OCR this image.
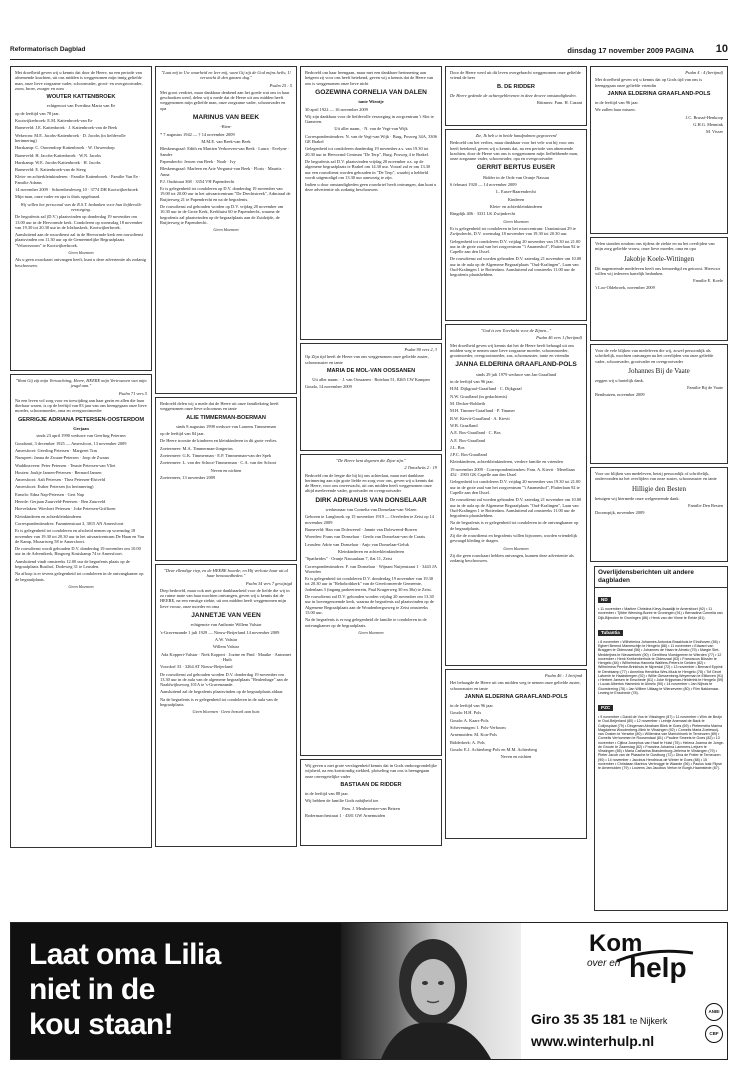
Reformatorisch Dagblad	dinsdag 17 november 2009 PAGINA 10

Met droefheid geven wij u kennis dat door de Heere, na een periode van afnemende krachten, uit ons midden is weggenomen mijn innig geliefde man, onze lieve zorgzame vader, schoonvader, groot- en overgrootvader, zoon, broer, zwager en oom

WOUTER KATTENBROEK

echtgenoot van Everdina Maria van Ee

op de leeftijd van 78 jaar.

Kootwijkerbroek: E.M. Kattenbroek-van Ee

Barneveld: J.E. Kattenbroek · J. Kattenbroek-van de Beek

Wekerom: M.E. Jacobs-Kattenbroek · D. Jacobs (in liefdevolle herinnering)

Harskamp: C. Ouwendorp-Kattenbroek · W. Ouwendorp

Barneveld: H. Jacobs-Kattenbroek · W.N. Jacobs

Harskamp: W.E. Jacobs-Kattenbroek · H. Jacobs

Barneveld: E. Kattenbroek-van de Steeg

Klein- en achterkleinkinderen · Familie Kattenbroek · Familie Van Ee · Familie Adams

14 november 2009 · Schoenbeuleweg 10 · 3774 DH Kootwijkerbroek

Mijn man, onze vader en opa is thuis opgebaard.

Wij willen het persoonal van de R.S.T. bedanken voor hun liefdevolle verzorging.

De begrafenis zal (D.V.) plaatsvinden op donderdag 19 november om 13.00 uur in de Hervormde kerk. Condoleren op woensdag 18 november van 19.30 tot 20.30 uur in de Ichthuskerk, Kootwijkerbroek.

Aansluitend aan de rouwdienst zal in de Hervormde kerk een rouwdienst plaatsvinden om 11.30 uur op de Gemeentelijke Begraafplaats "Veluwezoom" te Kootwijkerbroek.

Geen bloemen

Als u geen rouwkaart ontvangen heeft, kunt u deze advertentie als zodanig beschouwen.

"Want Gij zijt mijn Verwachting, Heere, HEERE mijn Vertrouwen van mijn jeugd aan."

Psalm 71 vers 5

Na een leven vol zorg voor en toewijding aan haar gezin en allen die haar dierbaar waren, is op de leeftijd van 83 jaar van ons heengegaan onze lieve moeder, schoonmoeder, oma en overgrootmoeder

GERRIGJE ADRIANA PETERSEN-OOSTERDOM

Gerjaan

sinds 23 april 1990 weduwe van Geerling Petersen

Goudsmit, 3 december 1925 — Amersfoort, 13 november 2009

Amersfoort: Geerling Petersen · Margreet Tras

Nunspeet: Janna de Zwaan-Petersen · Joop de Zwaan

Waddinxveen: Peter Petersen · Teunie Petersen-van Vliet

Houten: Joukje Jansen-Petersen · Bernard Jansen

Amersfoort: Aalt Petersen · Thea Petersen-Elstveld

Amersfoort: Esther Petersen (in herinnering)

Ermelo: Edna Nap-Petersen · Gert Nap

Heerde: Gerjaan Zuurveld-Petersen · Ben Zuurveld

Hoevelaken: Wiechert Petersen · Joke Petersen-Griffioen

Kleinkinderen en achterkleinkinderen

Correspondentieadres: Fazantenstraat 3, 3815 AN Amersfoort

Er is gelegenheid tot condoleren en afscheid nemen op woensdag 18 november van 19.30 tot 20.30 uur in het uitvaartcentrum De Haan en Van de Kamp, Mozartweg 58 te Amersfoort.

De rouwdienst wordt gehouden D.V. donderdag 19 november om 10.00 uur in de Adventkerk, Ringweg Kruiskamp 74 te Amersfoort.

Aansluitend vindt omstreeks 12.00 uur de begrafenis plaats op de begraafplaats Rusthof, Dodeweg 31 te Leusden.

Na afloop is er tevens gelegenheid tot condoleren in de ontvangkamer op de begraafplaats.

Geen bloemen

"Laat mij in Uw waarheid en leer mij, want Gij zijt de God mijns heils; U verwacht ik den ganzen dag."

Psalm 25 : 5

Met groot verdriet, maar dankbaar denkend aan het goede wat ons in haar geschonken werd, delen wij u mede dat de Heere uit ons midden heeft weggenomen mijn geliefde man, onze zorgzame vader, schoonvader en opa

MARINUS VAN BEEK

-Rien-

* 7 augustus 1942 — † 14 november 2009

M.M.E. van Beek-van Beek

Bleskensgraaf: Edith en Martien Verhoeven-van Beek · Laura · Evelyne · Sander

Papendrecht: Jeroen van Beek · Noah · Ivy

Bleskensgraaf: Marleen en Arie Vergunst-van Beek · Floris · Maurits · Anna

P.J. Oudstraat 368 · 3354 VH Papendrecht

Er is gelegenheid tot condoleren op D.V. donderdag 19 november van 19.00 tot 20.00 uur in het uitvaartcentrum "De Drechtstreek", Admiraal de Ruijterweg 21 te Papendrecht en na de begrafenis.

De rouwdienst zal gehouden worden op D.V. vrijdag 20 november om 10.30 uur in de Grote Kerk, Kerkhuist 60 te Papendrecht, waarna de begrafenis zal plaatsvinden op de begraafplaats aan de Zuidzijde, de Ruijterweg te Papendrecht.

Geen bloemen

Bedroefd delen wij u mede dat de Heere uit onze familiekring heeft weggenomen onze lieve schoonzus en tante

ALIE TIMMERMAN-BOERMAN

sinds 8 augustus 1998 weduwe van Laurens Timmerman

op de leeftijd van 84 jaar.

De Heere troostte de kinderen en kleinkinderen in dit grote verlies.

Zoetermeer: M.A. Timmerman-Jongerius

Zoetermeer: G.K. Timmerman · E.P. Timmerman-van der Spek

Zoetermeer: L. van der Schoot-Timmerman · C.A. van der Schoot

Neven en nichten

Zoetermeer, 13 november 2009

"Deze ellendige riep, en de HEERE hoorde; en Hij verloste haar uit al haar benauwdheden."

Psalm 34 vers 7 gewijzigd

Diep bedroefd, maar ook met grote dankbaarheid voor de liefde die wij in zo ruime mate van haar mochten ontvangen, geven wij u kennis dat de HEERE, na een ernstige ziekte, uit ons midden heeft weggenomen mijn lieve vrouw, onze moeder en oma

JANNETJE VAN VEEN

echtgenote van Anthonie Willem Valstar

's-Gravenzande 1 juli 1929 — Nieuw-Beijerland 14 november 2009

A.W. Valstar

Willem Valstar

Ada Koppert-Valstar · Niek Koppert · Jozine en Pind · Maaike · Antonnet · Huib

Voordorf 33 · 3264 AT Nieuw-Beijerland

De rouwdienst zal gehouden worden D.V. donderdag 19 november om 13.30 uur in de aula van de algemene begraafplaats "Beulenhage" aan de Naaldwijkseweg 101A te 's-Gravenzande.

Aansluitend zal de begrafenis plaatsvinden op de begraafplaats aldaar.

Na de begrafenis is er gelegenheid tot condoleren in de aula van de begraafplaats.

Geen bloemen · Geen bezoek aan huis

Bedroefd om haar heengaan, maar met een dankbare herinnering aan hetgeen zij voor ons heeft betekend, geven wij u kennis dat de Heere van ons is weggenomen onze lieve nicht

GOZEWINA CORNELIA VAN DALEN

tante Wientje

30 april 1922 — 16 november 2009

Wij zijn dankbaar voor de liefdevolle verzorging in zorgcentrum 't Slot te Gameren.

Uit aller naam, · N. van de Vegt-van Wijk

Correspondentieadres: N. van de Vegt-van Wijk · Burg. Posweg 34A, 3306 GE Brakel

Gelegenheid tot condoleren donderdag 19 november a.s. van 19.30 tot 20.30 uur in Hervormd Centrum "De Terp", Burg. Posweg 4 te Brakel.

De begrafenis zal D.V. plaatsvinden vrijdag 20 november a.s. op de algemene begraafplaats te Brakel om 14.30 uur. Vooraf zal er om 13.30 uur een rouwdienst worden gehouden in "De Terp", waarbij u hebbeld wordt uitgenodigd om 13.30 uur aanwezig te zijn.

Indien u door omstandigheden geen rouwbrief heeft ontvangen, dan kunt u deze advertentie als zodanig beschouwen.

Psalm 90 vers 2, 3

Op Zijn tijd heeft de Heere van ons weggenomen onze geliefde zuster, schoonzuster en tante

MARIA DE MOL-VAN OOSSANEN

Uit aller naam: · J. van Oossanen · Rotelaar 51, 8265 CW Kampen

Gouda, 14 november 2009

"De Heere kent degenen die Zijne zijn."

2 Timotheüs 2 : 19

Bedroefd om de leegte die hij bij ons achterlaat, maar met dankbare herinnering aan zijn grote liefde en zorg voor ons, geven wij u kennis dat de Heere, voor ons onverwacht, uit ons midden heeft weggenomen onze altijd meelevende vader, grootvader en overgrootvader

DIRK ADRIANUS VAN DONSELAAR

weduwnaar van Cornelia van Donselaar-van Velzen

Geboren te Langbroek op 15 november 1919 — Overleden te Zeist op 14 november 2009

Barneveld: Han van Doleweerd · Jannie van Doleweerd-Borren

Woerden: Frans van Donselaar · Gerda van Donselaar-van de Craats

Leusden: Adrie van Donselaar · Anjo van Donselaar-Geluk

Kleinkinderen en achterkleinkinderen

"Spatheides" · Oranje Nassaulaan 7, flat 11, Zeist

Correspondentieadres: F. van Donselaar · Wijnant Nuijenstraat 1 · 3443 JA Woerden

Er is gelegenheid tot condoleren D.V. donderdag 19 november van 19.30 tot 20.30 uur in "Rehobothkerk" van de Gereformeerde Gemeente, Jodenlaan 3 (ingang parkeerterrein, Paul Krugerweg 30 en 30a) te Zeist.

De rouwdienst zal D.V. gehouden worden vrijdag 20 november om 13.30 uur in bovengenoemde kerk, waarna de begrafenis zal plaatsvinden op de Algemene Begraafplaats aan de Woudenbergseweg te Zeist omstreeks 15.00 uur.

Na de begrafenis is er nog gelegenheid de familie te condoleren in de ontvangkamer op de begraafplaats.

Geen bloemen

Wij geven u met grote verslagenheid kennis dat in Gods ondoorgrondelijke wijsheid, na een kortstondig ziekbed, plotseling van ons is heengegaan onze onvergetelijke vader

BASTIAAN DE RIDDER

in de leeftijd van 88 jaar.

Wij hebben de familie Gods nabijheid toe.

Fam. J. Meulmeester-van Beizen

Rodermarchestraat 1 · 4381 GW Arnemuiden

Door de Heere werd uit dit leven overgebracht weggenomen onze geliefde vriend de heer

B. DE RIDDER

De Heere gedenke de achtergeblevenen in deze droeve omstandigheden.

Rittmers: Fam. H. Cazant

Zie, Ik heb u in beide handpalmen gegraveerd

Bedroefd om het verlies, maar dankbaar voor het vele wat hij voor ons heeft betekend, geven wij u kennis dat, na een periode van afnemende krachten, door de Heere van ons is weggenomen mijn liefhebbende man, onze zorgzame vader, schoonvader, opa en overgrootvader

GERRIT BERTUS EUSER

Ridder in de Orde van Oranje Nassau

6 februari 1920 — 14 november 2009

L. Euser-Baarendrecht

Kinderen

Klein- en achterkleinkinderen

Ringdijk 406 · 3331 LK Zwijndrecht

Geen bloemen

Er is gelegenheid tot condoleren in het rouwcentrum: Uraniastraat 29 te Zwijndrecht, D.V. woensdag 18 november van 19.30 tot 20.30 uur.

Gelegenheid tot condoleren D.V. vrijdag 20 november van 19.30 tot 21.00 uur in de grote zaal van het zorgcentrum "'t Anameshof", Fluiterlaan 92 te Capelle aan den IJssel.

De rouwdienst zal worden gehouden D.V. zaterdag 21 november om 10.00 uur in de aula op de Algemene Begraafplaats "Oud-Kralingen", Laan van Oud-Kralingen 1 te Rotterdam. Aansluitend zal omstreeks 11.00 uur de begrafenis plaatshebben.

"God is een Toevlucht voor de Zijnen..."

Psalm 46 vers 1 (berijmd)

Met droefheid geven wij kennis dat het de Heere heeft behaagd uit ons midden weg te nemen onze lieve zorgzame moeder, schoonmoeder, grootmoeder, overgrootmoeder, zus, schoonzuster, tante en vriendin

JANNA ELDERINA GRAAFLAND-POLS

sinds 29 juli 1979 weduwe van Jan Graafland

in de leeftijd van 96 jaar.

H.M. Dijkgraaf-Graafland · C. Dijkgraaf

N.W. Graafland (in gedachtenis)

M. Decker-Robbeth

M.H. Timmer-Graafland · P. Timmer

B.W. Kievit-Graafland · A. Kievit

W.B. Graafland

A.E. Bos-Graafland · C. Bos

A.E. Bos-Graafland

J.L. Bos

J.P.C. Bos-Graafland

Kleinkinderen, achterkleinkinderen, verdere familie en vrienden

19 november 2009 · Correspondentieadres: Fam. A. Kievit · Merellaan 452 · 2903 GK Capelle aan den IJssel

Gelegenheid tot condoleren D.V. vrijdag 20 november van 19.30 tot 21.00 uur in de grote zaal van het zorgcentrum "'t Anameshof", Fluiterlaan 92 te Capelle aan den IJssel.

De rouwdienst zal worden gehouden D.V. zaterdag 21 november om 10.00 uur in de aula op de Algemene Begraafplaats "Oud-Kralingen", Laan van Oud-Kralingen 1 te Rotterdam. Aansluitend zal omstreeks 11.00 uur de begrafenis plaatshebben.

Na de begrafenis is er gelegenheid tot condoleren in de ontvangkamer op de begraafplaats.

Zij die de rouwdienst en begrafenis willen bijwonen, worden vriendelijk gevraagd kleding te dragen.

Geen bloemen

Zij die geen rouwkaart hebben ontvangen, kunnen deze advertentie als zodanig beschouwen.

Psalm 46 : 1 berijmd

Het behaagde de Heere uit ons midden weg te nemen onze geliefde zuster, schoonzuster en tante

JANNA ELDERINA GRAAFLAND-POLS

in de leeftijd van 96 jaar.

Gouda: H.H. Pols

Gouda: A. Kaars-Pols

Scheveningen: I. Pols-Verboom

Arnemuiden: M. Kon-Pols

Ridderkerk: A. Pols

Gouda: E.J. Achterberg-Pols en M.M. Achterberg

Neven en nichten

Psalm 4 : 4 (berijmd)

Met droefheid geven wij u kennis dat op Gods tijd van ons is heengegaan onze geliefde vriendin

JANNA ELDERINA GRAAFLAND-POLS

in de leeftijd van 96 jaar.

We zullen haar missen.

J.C. Brussé-Henkoop

G.H.G. Mennink

M. Visser

Velen stonden rondom ons tijdens de ziekte en na het overlijden van mijn zorg geliefde vrouw, onze lieve moeder, oma en opa

Jakobje Koele-Wittingen

Dit nagenoemde medeleven heeft ons bemoedigd en getroost. Hiervoor willen wij iedereen hartelijk bedanken.

Familie E. Koele

't Loo-Oldebroek, november 2009

Voor de vele blijken van medeleven die wij, zowel persoonlijk als schriftelijk, mochten ontvangen na het overlijden van onze geliefde vader, schoonvader, grootvader en overgrootvader

Johannes Bij de Vaate

zeggen wij u hartelijk dank.

Familie Bij de Vaate

Benthuizen, november 2009

Voor uw blijken van medeleven, hetzij persoonlijk of schriftelijk, ondervonden na het overlijden van onze zuster, schoonzuster en tante

Hilligie den Besten

betuigen wij hiermede onze welgemeende dank.

Familie Den Besten

Doornspijk, november 2009

Overlijdensberichten uit andere dagbladen
ND
• 11 november • Martine Christina Kievy-Ilsaadijk te Amersfoort (92) • 11 november • Tjibbe Wensing-Boree te Groningen (91) • Bernadina Cornelia van Dijk-Bijmolen te Groningen (86) • Henk van der Vinne te Eelde (81).
Tubantia
• 8 november • Wilhelmina Johannes Antonius Braakhuis te Eindhoven (56) • Egbert Berend Mameschijn te Hengelo (86) • 11 november • Edward van Braggen te Oldenzaal (56) • Johannes de Haan te Almelo (79) • Margie Siet-Meddeijnes te Nieuwerkerk (90) • Gerrithea Vloedgeeren te Wierden (77) • 12 november • Henk Kreikenberhuis te Oldenzaal (63) • Franciscus Bössler te Hengelo (84) • Wilhelmina Hanneia Waltiers-Peters te Delden (82) • Wilhelmina Peerke-Brinkhuis te Nijverdal (72) • 13 november • Bernard Eppink te Denekamp (77) • Annelina Hendrika Wes-Muuk te Hengelo (78) • Tof Geurt Lafoerie te Haaksbergen (92) • Willie Giessenberg-Weyerman te Ellikeven (91) • Herbert Jansen te Enschede (61) • Joke Krijgsman-Helderink te Hengelo (59) • Lucas Albertus Hammink te Almelo (90) • 14 november • Jan Nijhuis te Goorsterring (76) • Jan Willem Uitlaag te Wierzeveen (80) • Flim Nakkenaar-Lewing te Enschede (78).
PZC
• 9 november • David de Vos te Vlissingen (87) • 11 november • Wim de Bruijn te Oud-Beijerland (80) • 12 november • Leintje Anemaat de Back te Colijnsplaat (79) • Dingeman Abraham Bliek te Goes (69) • Pietermelia Marina Magdalena Woudenberg-Mink te Vlissingen (92) • Cornelis Maria Zoetewoij-van Oosten te Yerseke (80) • Willemina van Marrichhoek te Terneuzen (89) • Cornelis Verhommen te Roosendaal (81) • Pauline Smeets te Goes (82) • 13 november • Cijtina Josephus van Haaf te Hulst (76) • Helena Joanna de Jonge-de Groote te Zaamslag (82) • Francina Johanna Lammers-Leijsen te Vlissingen (85) • Maria Catharina Brandenburg-Jellema te Vlissingen (79) • Pieter Jacob van de Plassche te Oostburg (72) • Dina de Potter te Terneuzen (90) • 14 november • Jacobus Hendricus de Winter te Goes (88) • 15 november • Christiaan Marinus Verbrugge te Waarde (96) • Paulus Izak Flipse te Arnemuiden (79) • Lourens Jan Jacobus Verton te Burgh-Haamstede (87).
Laat oma Lilia
niet in de
kou staan!
Kom
over en help
Giro 35 35 181 te Nijkerk
www.winterhulp.nl
ANBI
CBF
